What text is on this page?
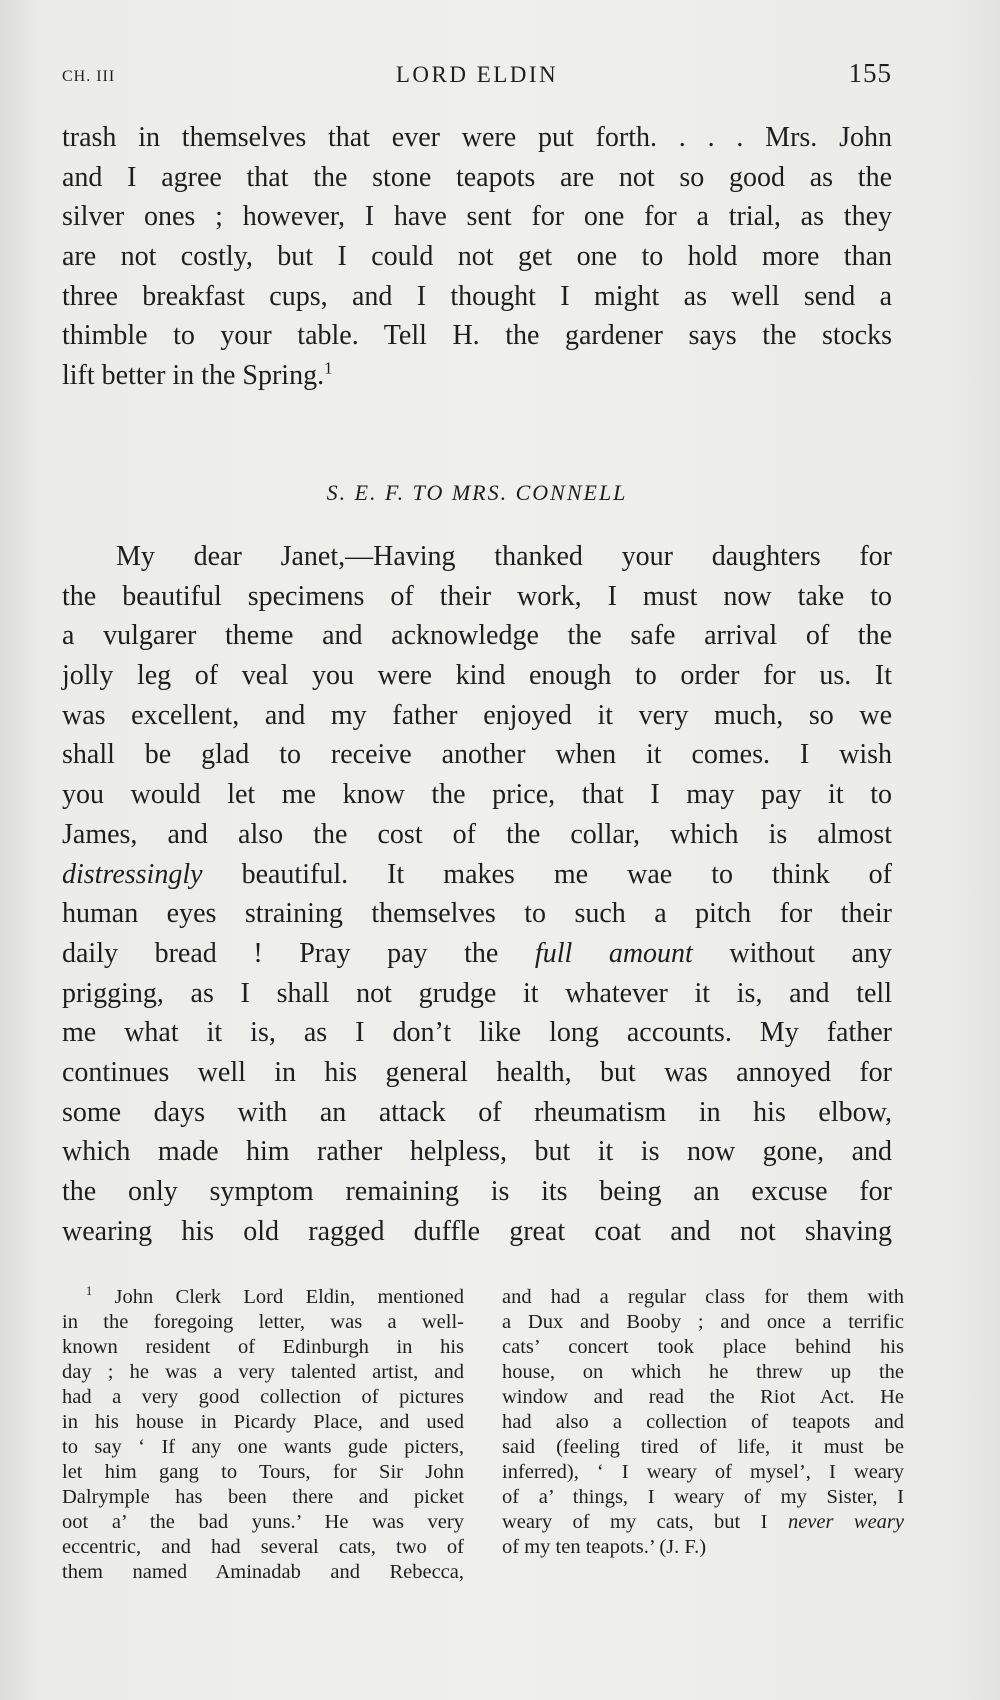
CH. III	LORD ELDIN	155
trash in themselves that ever were put forth. . . . Mrs. John
and I agree that the stone teapots are not so good as the
silver ones ; however, I have sent for one for a trial, as they
are not costly, but I could not get one to hold more than
three breakfast cups, and I thought I might as well send a
thimble to your table. Tell H. the gardener says the stocks
lift better in the Spring.$^1$
S. E. F. TO MRS. CONNELL
My dear Janet,—Having thanked your daughters for
the beautiful specimens of their work, I must now take to
a vulgarer theme and acknowledge the safe arrival of the
jolly leg of veal you were kind enough to order for us. It
was excellent, and my father enjoyed it very much, so we
shall be glad to receive another when it comes. I wish
you would let me know the price, that I may pay it to
James, and also the cost of the collar, which is almost
distressingly beautiful. It makes me wae to think of
human eyes straining themselves to such a pitch for their
daily bread ! Pray pay the full amount without any
prigging, as I shall not grudge it whatever it is, and tell
me what it is, as I don’t like long accounts. My father
continues well in his general health, but was annoyed for
some days with an attack of rheumatism in his elbow,
which made him rather helpless, but it is now gone, and
the only symptom remaining is its being an excuse for
wearing his old ragged duffle great coat and not shaving
$^1$ John Clerk Lord Eldin, mentioned
in the foregoing letter, was a well-
known resident of Edinburgh in his
day ; he was a very talented artist, and
had a very good collection of pictures
in his house in Picardy Place, and used
to say ‘ If any one wants gude picters,
let him gang to Tours, for Sir John
Dalrymple has been there and picket
oot a’ the bad yuns.’ He was very
eccentric, and had several cats, two of
them named Aminadab and Rebecca,
and had a regular class for them with
a Dux and Booby ; and once a terrific
cats’ concert took place behind his
house, on which he threw up the
window and read the Riot Act. He
had also a collection of teapots and
said (feeling tired of life, it must be
inferred), ‘ I weary of mysel’, I weary
of a’ things, I weary of my Sister, I
weary of my cats, but I never weary
of my ten teapots.’ (J. F.)
